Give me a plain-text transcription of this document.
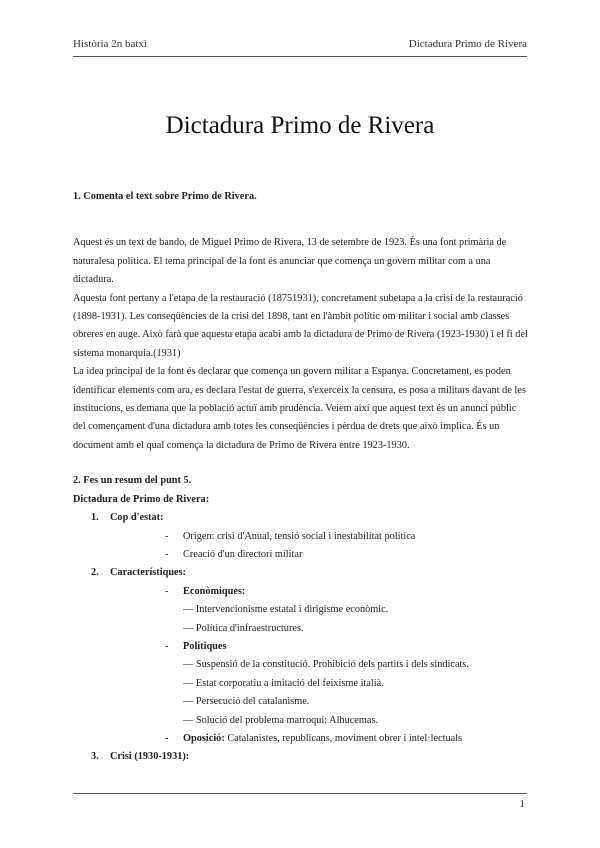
Història 2n batxi	Dictadura Primo de Rivera
Dictadura Primo de Rivera

1. Comenta el text sobre Primo de Rivera.

Aquest és un text de bando, de Miguel Primo de Rivera, 13 de setembre de 1923. És una font primària de naturalesa política. El tema principal de la font és anunciar que comença un govern militar com a una dictadura.

Aquesta font pertany a l'etapa de la restauració (18751931), concretament subetapa a la crisi de la restauració (1898-1931). Les conseqüències de la crisi del 1898, tant en l'àmbit polític om militar i social amb classes obreres en auge. Això farà que aquesta etapa acabi amb la dictadura de Primo de Rivera (1923-1930) i el fi del sistema monarquia.(1931)

La idea principal de la font és declarar que comença un govern militar a Espanya. Concretament, es poden identificar elements com ara, es declara l'estat de guerra, s'exerceix la censura, es posa a militars davant de les institucions, es demana que la població actuï amb prudència. Veiem així que aquest text és un anunci públic del començament d'una dictadura amb totes les conseqüències i pèrdua de drets que això implica. És un document amb el qual comença la dictadura de Primo de Rivera entre 1923-1930.

2. Fes un resum del punt 5.

Dictadura de Primo de Rivera:

1. Cop d'estat:
- Origen: crisi d'Anual, tensió social i inestabilitat política
- Creació d'un directori militar
2. Característiques:
- Econòmiques:
— Intervencionisme estatal i dirigisme econòmic.
— Política d'infraestructures.
- Polítiques
— Suspensió de la constitució. Prohibició dels partits i dels sindicats.
— Estat corporatiu a imitació del feixisme italià.
— Persecució del catalanisme.
— Solució del problema marroquí: Alhucemas.
- Oposició: Catalanistes, republicans, moviment obrer i intel·lectuals
3. Crisi (1930-1931):
1
